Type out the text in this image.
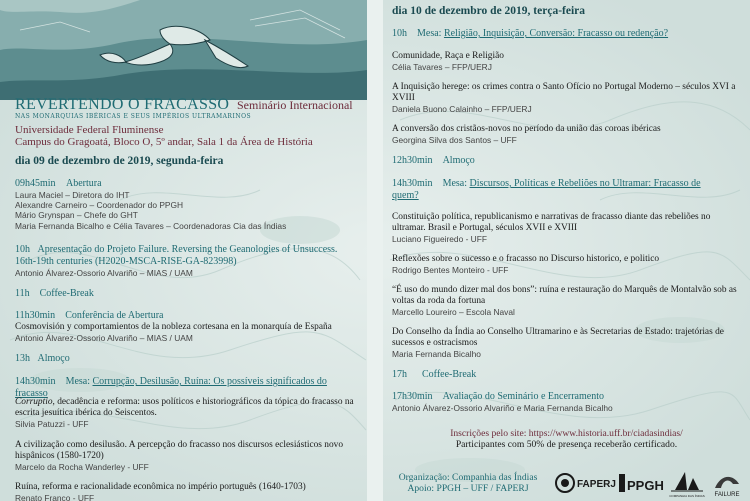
REVERTENDO O FRACASSO Seminário Internacional
NAS MONARQUIAS IBÉRICAS E SEUS IMPÉRIOS ULTRAMARINOS
Universidade Federal Fluminense
Campus do Gragoatá, Bloco O, 5º andar, Sala 1 da Área de História
dia 09 de dezembro de 2019, segunda-feira
09h45min Abertura
Laura Maciel – Diretora do IHT
Alexandre Carneiro – Coordenador do PPGH
Mário Grynspan – Chefe do GHT
Maria Fernanda Bicalho e Célia Tavares – Coordenadoras Cia das Índias
10h Apresentação do Projeto Failure. Reversing the Geanologies of Unsuccess.
16th-19th centuries (H2020-MSCA-RISE-GA-823998)
Antonio Álvarez-Ossorio Alvariño – MIAS / UAM
11h Coffee-Break
11h30min Conferência de Abertura
Cosmovisión y comportamientos de la nobleza cortesana en la monarquía de España
Antonio Álvarez-Ossorio Alvariño – MIAS / UAM
13h Almoço
14h30min Mesa: Corrupção, Desilusão, Ruína: Os possíveis significados do fracasso
Corruptio, decadência e reforma: usos políticos e historiográficos da tópica do fracasso na escrita jesuítica ibérica do Seiscentos.
Silvia Patuzzi - UFF
A civilização como desilusão. A percepção do fracasso nos discursos eclesiásticos novo hispânicos (1580-1720)
Marcelo da Rocha Wanderley - UFF
Ruína, reforma e racionalidade econômica no império português (1640-1703)
Renato Franco - UFF
dia 10 de dezembro de 2019, terça-feira
10h Mesa: Religião, Inquisição, Conversão: Fracasso ou redenção?
Comunidade, Raça e Religião
Célia Tavares – FFP/UERJ
A Inquisição herege: os crimes contra o Santo Ofício no Portugal Moderno – séculos XVI a XVIII
Daniela Buono Calainho – FFP/UERJ
A conversão dos cristãos-novos no período da união das coroas ibéricas
Georgina Silva dos Santos – UFF
12h30min Almoço
14h30min Mesa: Discursos, Políticas e Rebeliões no Ultramar: Fracasso de
quem?
Constituição política, republicanismo e narrativas de fracasso diante das rebeliões no ultramar. Brasil e Portugal, séculos XVII e XVIII
Luciano Figueiredo - UFF
Reflexões sobre o sucesso e o fracasso no Discurso historico, e politico
Rodrigo Bentes Monteiro - UFF
“É uso do mundo dizer mal dos bons”: ruína e restauração do Marquês de Montalvão sob as voltas da roda da fortuna
Marcello Loureiro – Escola Naval
Do Conselho da Índia ao Conselho Ultramarino e às Secretarias de Estado: trajetórias de sucessos e ostracismos
Maria Fernanda Bicalho
17h Coffee-Break
17h30min Avaliação do Seminário e Encerramento
Antonio Álvarez-Ossorio Alvariño e Maria Fernanda Bicalho
Inscrições pelo site: https://www.historia.uff.br/ciadasindias/
Participantes com 50% de presença receberão certificado.
Organização: Companhia das Índias
Apoio: PPGH – UFF / FAPERJ	FAPERJ PPGH
COMPANHIA DAS ÍNDIAS FAILURE
